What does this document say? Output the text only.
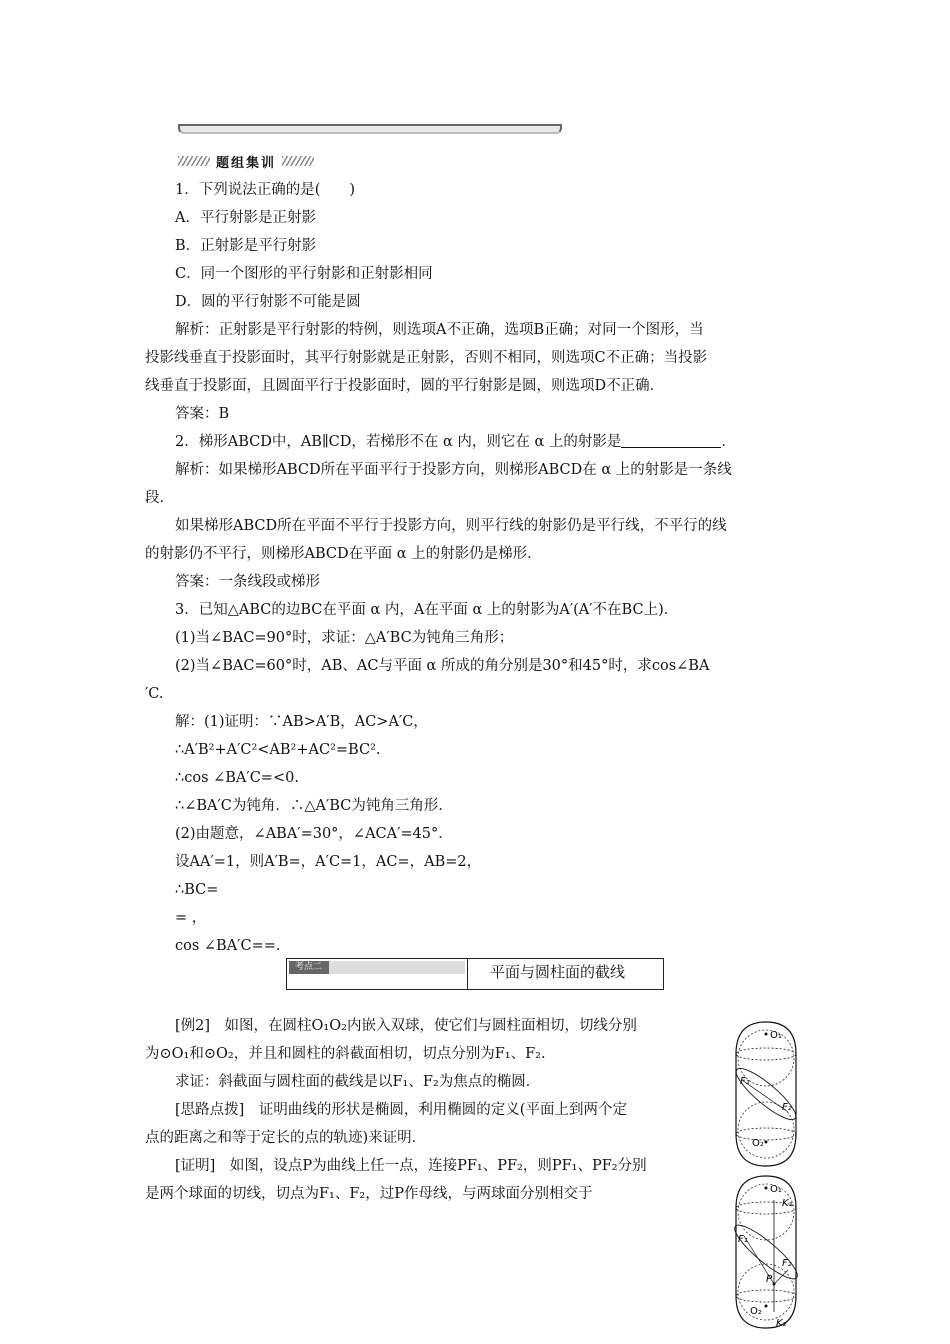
题组集训
1．下列说法正确的是(　　)
A．平行射影是正射影
B．正射影是平行射影
C．同一个图形的平行射影和正射影相同
D．圆的平行射影不可能是圆
解析：正射影是平行射影的特例，则选项A不正确，选项B正确；对同一个图形，当
投影线垂直于投影面时，其平行射影就是正射影，否则不相同，则选项C不正确；当投影
线垂直于投影面，且圆面平行于投影面时，圆的平行射影是圆，则选项D不正确．
答案：B
2．梯形ABCD中，AB∥CD，若梯形不在 α 内，则它在 α 上的射影是	．
解析：如果梯形ABCD所在平面平行于投影方向，则梯形ABCD在 α 上的射影是一条线
段．
如果梯形ABCD所在平面不平行于投影方向，则平行线的射影仍是平行线，不平行的线
的射影仍不平行，则梯形ABCD在平面 α 上的射影仍是梯形．
答案：一条线段或梯形
3．已知△ABC的边BC在平面 α 内，A在平面 α 上的射影为A′(A′不在BC上)．
(1)当∠BAC=90°时，求证：△A′BC为钝角三角形；
(2)当∠BAC=60°时，AB、AC与平面 α 所成的角分别是30°和45°时，求cos∠BA
′C.
解：(1)证明：∵AB>A′B，AC>A′C，
∴A′B²+A′C²<AB²+AC²=BC².
∴cos ∠BA′C=<0.
∴∠BA′C为钝角．∴△A′BC为钝角三角形．
(2)由题意，∠ABA′=30°，∠ACA′=45°．
设AA′=1，则A′B=，A′C=1，AC=，AB=2，
∴BC=
= ，
cos ∠BA′C==.
考点二	平面与圆柱面的截线
[例2]　如图，在圆柱O₁O₂内嵌入双球，使它们与圆柱面相切，切线分别
为⊙O₁和⊙O₂，并且和圆柱的斜截面相切，切点分别为F₁、F₂.
求证：斜截面与圆柱面的截线是以F₁、F₂为焦点的椭圆．
[思路点拨]　证明曲线的形状是椭圆，利用椭圆的定义(平面上到两个定
点的距离之和等于定长的点的轨迹)来证明．
[证明]　如图，设点P为曲线上任一点，连接PF₁、PF₂，则PF₁、PF₂分别
是两个球面的切线，切点为F₁、F₂，过P作母线，与两球面分别相交于
O₁
F₁
F₂
O₂
O₁
K₁
F₁
F₂
P
O₂
K₂
